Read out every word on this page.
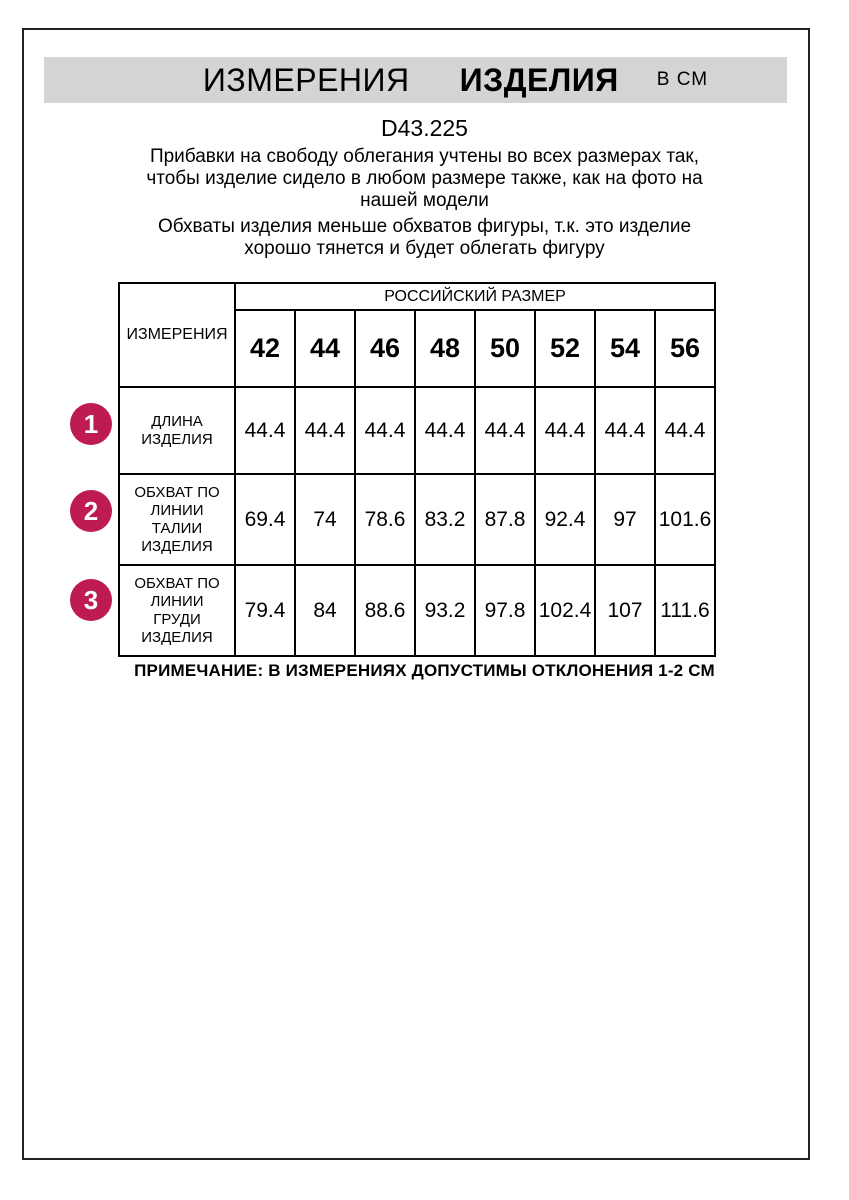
ИЗМЕРЕНИЯ ИЗДЕЛИЯ В СМ
D43.225

Прибавки на свободу облегания учтены во всех размерах так, чтобы изделие сидело в любом размере также, как на фото на нашей модели

Обхваты изделия меньше обхватов фигуры, т.к. это изделие хорошо тянется и будет облегать фигуру

1
2
3
ИЗМЕРЕНИЯ	РОССИЙСКИЙ РАЗМЕР							
	42	44	46	48	50	52	54	56
ДЛИНА ИЗДЕЛИЯ	44.4	44.4	44.4	44.4	44.4	44.4	44.4	44.4
ОБХВАТ ПО ЛИНИИ ТАЛИИ ИЗДЕЛИЯ	69.4	74	78.6	83.2	87.8	92.4	97	101.6
ОБХВАТ ПО ЛИНИИ ГРУДИ ИЗДЕЛИЯ	79.4	84	88.6	93.2	97.8	102.4	107	111.6
ПРИМЕЧАНИЕ: В ИЗМЕРЕНИЯХ ДОПУСТИМЫ ОТКЛОНЕНИЯ 1-2 СМ
